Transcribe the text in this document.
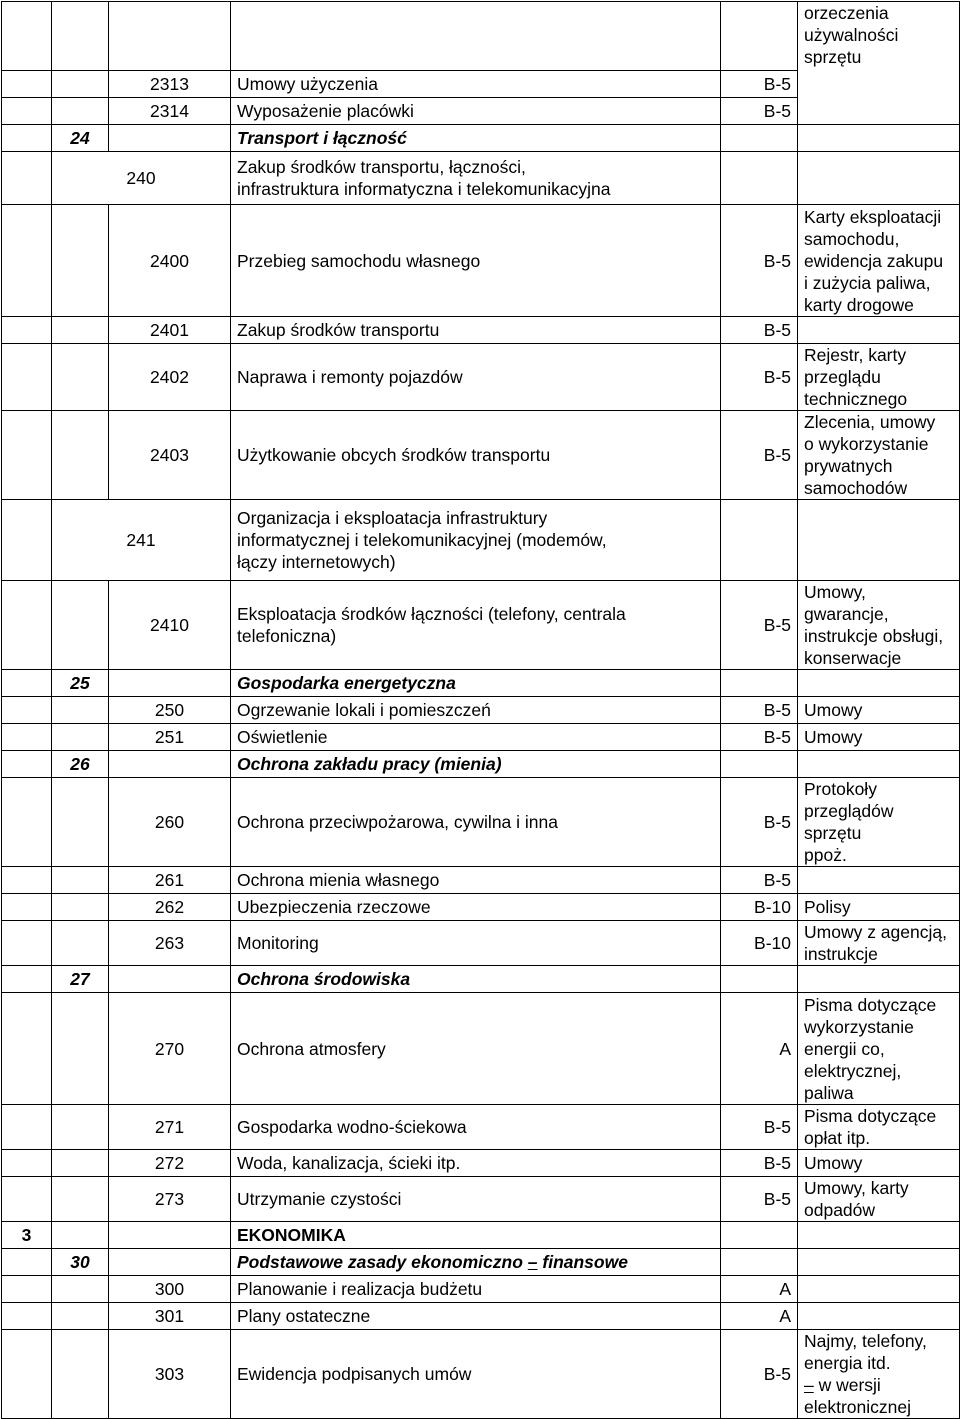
					orzeczenia
używalności
sprzętu

		2313	Umowy użyczenia	B-5	
		2314	Wyposażenie placówki	B-5	
	24		Transport i łączność		
	240		Zakup środków transportu, łączności,
infrastruktura informatyczna i telekomunikacyjna		

		2400	Przebieg samochodu własnego	B-5	Karty eksploatacji
samochodu,
ewidencja zakupu
i zużycia paliwa,
karty drogowe

		2401	Zakup środków transportu	B-5	
		2402	Naprawa i remonty pojazdów	B-5	Rejestr, karty
przeglądu
technicznego

		2403	Użytkowanie obcych środków transportu	B-5	Zlecenia, umowy
o wykorzystanie
prywatnych
samochodów

	241		Organizacja i eksploatacja infrastruktury
informatycznej i telekomunikacyjnej (modemów,
łączy internetowych)		

		2410	Eksploatacja środków łączności (telefony, centrala
telefoniczna)	B-5	Umowy,
gwarancje,
instrukcje obsługi,
konserwacje

	25		Gospodarka energetyczna		
		250	Ogrzewanie lokali i pomieszczeń	B-5	Umowy
		251	Oświetlenie	B-5	Umowy
	26		Ochrona zakładu pracy (mienia)		
		260	Ochrona przeciwpożarowa, cywilna i inna	B-5	Protokoły
przeglądów sprzętu
ppoż.

		261	Ochrona mienia własnego	B-5	
		262	Ubezpieczenia rzeczowe	B-10	Polisy
		263	Monitoring	B-10	Umowy z agencją,
instrukcje

	27		Ochrona środowiska		
		270	Ochrona atmosfery	A	Pisma dotyczące
wykorzystanie
energii co,
elektrycznej,
paliwa

		271	Gospodarka wodno-ściekowa	B-5	Pisma dotyczące
opłat itp.

		272	Woda, kanalizacja, ścieki itp.	B-5	Umowy
		273	Utrzymanie czystości	B-5	Umowy, karty
odpadów

3			EKONOMIKA		
	30		Podstawowe zasady ekonomiczno – finansowe		
		300	Planowanie i realizacja budżetu	A	
		301	Plany ostateczne	A	
		303	Ewidencja podpisanych umów	B-5	Najmy, telefony,
energia itd.
– w wersji
elektronicznej
